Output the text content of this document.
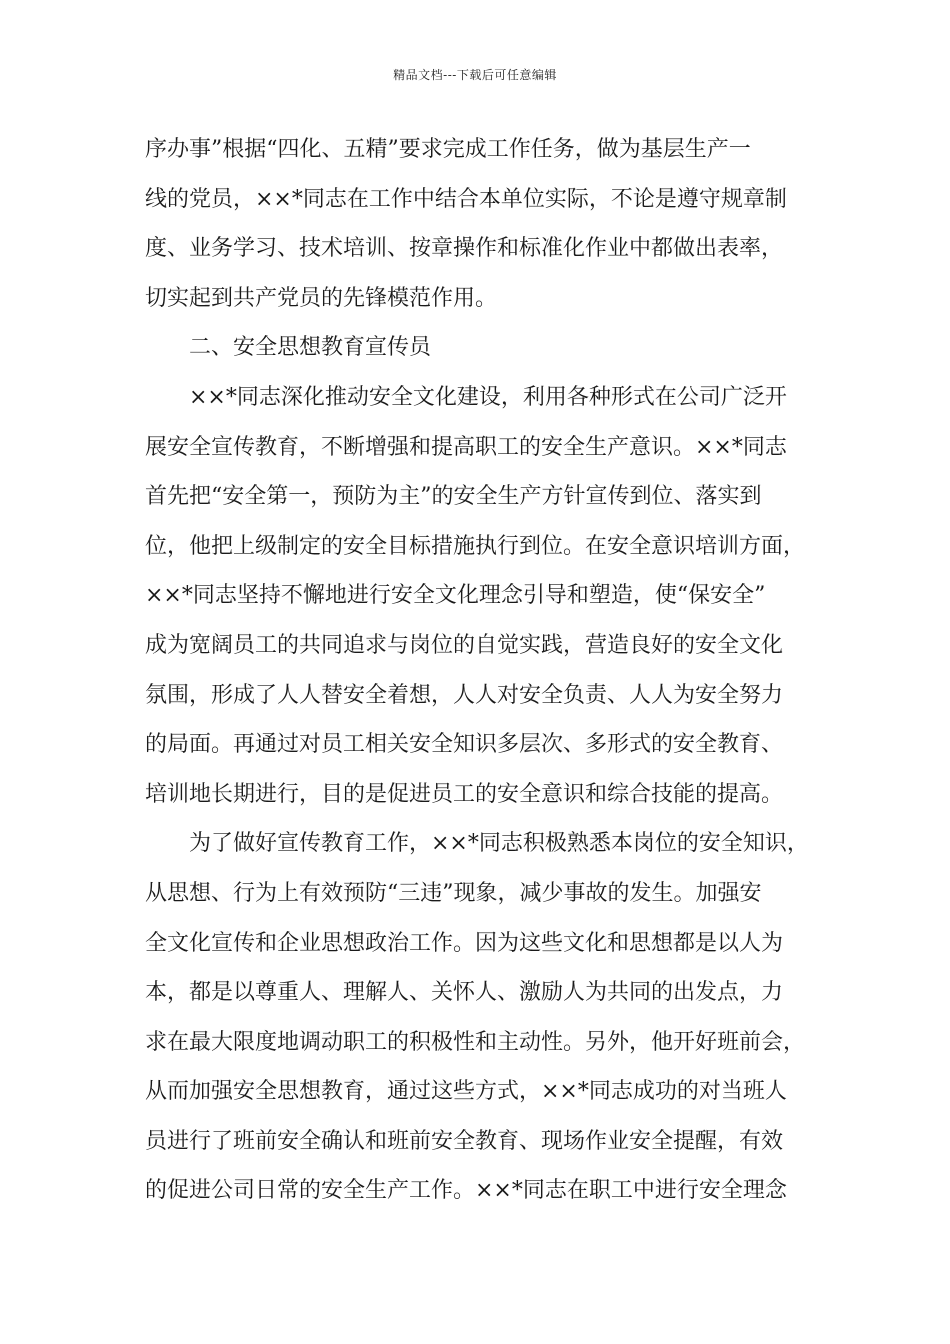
精品文档---下载后可任意编辑
序办事”根据“四化、五精”要求完成工作任务，做为基层生产一
线的党员，××*同志在工作中结合本单位实际，不论是遵守规章制
度、业务学习、技术培训、按章操作和标准化作业中都做出表率，
切实起到共产党员的先锋模范作用。
二、安全思想教育宣传员
××*同志深化推动安全文化建设，利用各种形式在公司广泛开
展安全宣传教育，不断增强和提高职工的安全生产意识。××*同志
首先把“安全第一，预防为主”的安全生产方针宣传到位、落实到
位，他把上级制定的安全目标措施执行到位。在安全意识培训方面，
××*同志坚持不懈地进行安全文化理念引导和塑造，使“保安全”
成为宽阔员工的共同追求与岗位的自觉实践，营造良好的安全文化
氛围，形成了人人替安全着想，人人对安全负责、人人为安全努力
的局面。再通过对员工相关安全知识多层次、多形式的安全教育、
培训地长期进行，目的是促进员工的安全意识和综合技能的提高。
为了做好宣传教育工作，××*同志积极熟悉本岗位的安全知识，
从思想、行为上有效预防“三违”现象，减少事故的发生。加强安
全文化宣传和企业思想政治工作。因为这些文化和思想都是以人为
本，都是以尊重人、理解人、关怀人、激励人为共同的出发点，力
求在最大限度地调动职工的积极性和主动性。另外，他开好班前会，
从而加强安全思想教育，通过这些方式，××*同志成功的对当班人
员进行了班前安全确认和班前安全教育、现场作业安全提醒，有效
的促进公司日常的安全生产工作。××*同志在职工中进行安全理念
